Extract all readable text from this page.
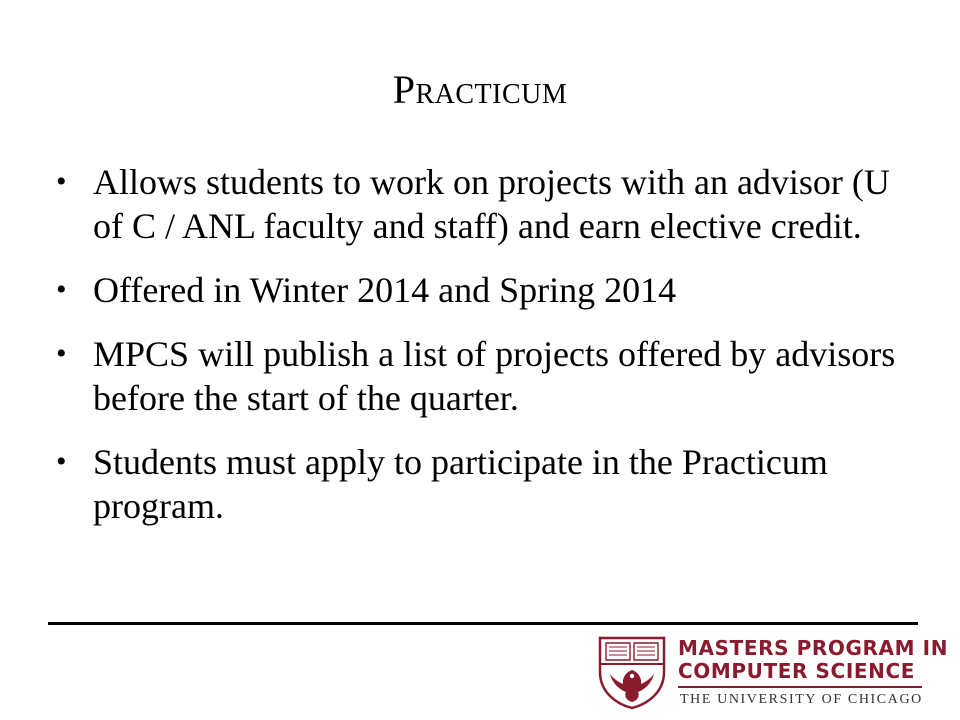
Practicum
• Allows students to work on projects with an advisor (U of C / ANL faculty and staff) and earn elective credit.
• Offered in Winter 2014 and Spring 2014
• MPCS will publish a list of projects offered by advisors before the start of the quarter.
• Students must apply to participate in the Practicum program.
MASTERS PROGRAM IN
COMPUTER SCIENCE
THE UNIVERSITY OF CHICAGO
